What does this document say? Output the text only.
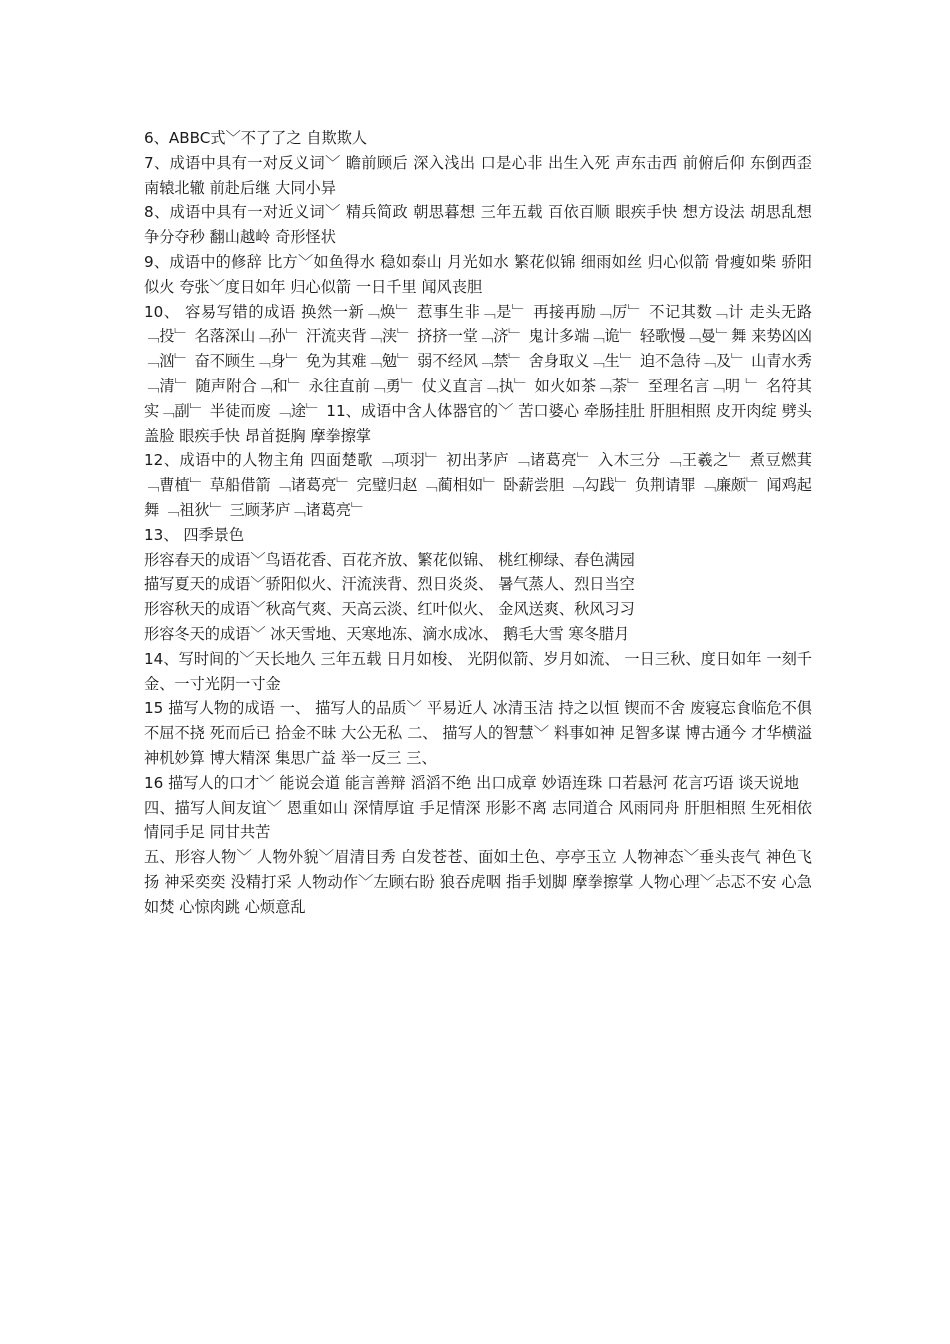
6、ABBC式﹀不了了之 自欺欺人

7、成语中具有一对反义词﹀ 瞻前顾后 深入浅出 口是心非 出生入死 声东击西 前俯后仰 东倒西歪 南辕北辙 前赴后继 大同小异

8、成语中具有一对近义词﹀ 精兵简政 朝思暮想 三年五载 百依百顺 眼疾手快 想方设法 胡思乱想 争分夺秒 翻山越岭 奇形怪状

9、成语中的修辞 比方﹀如鱼得水 稳如泰山 月光如水 繁花似锦 细雨如丝 归心似箭 骨瘦如柴 骄阳似火 夸张﹀度日如年 归心似箭 一日千里 闻风丧胆

10、 容易写错的成语 换然一新﹁焕﹂ 惹事生非﹁是﹂ 再接再励﹁厉﹂ 不记其数﹁计 走头无路﹁投﹂ 名落深山﹁孙﹂ 汗流夹背﹁浃﹂ 挤挤一堂﹁济﹂ 鬼计多端﹁诡﹂ 轻歌慢﹁曼﹂舞 来势凶凶﹁汹﹂ 奋不顾生﹁身﹂ 免为其难﹁勉﹂ 弱不经风﹁禁﹂ 舍身取义﹁生﹂ 迫不急待﹁及﹂ 山青水秀﹁清﹂ 随声附合﹁和﹂ 永往直前﹁勇﹂ 仗义直言﹁执﹂ 如火如茶﹁荼﹂ 至理名言﹁明 ﹂ 名符其实﹁副﹂ 半徒而废 ﹁途﹂ 11、成语中含人体器官的﹀ 苦口婆心 牵肠挂肚 肝胆相照 皮开肉绽 劈头盖脸 眼疾手快 昂首挺胸 摩拳擦掌

12、成语中的人物主角 四面楚歌 ﹁项羽﹂ 初出茅庐 ﹁诸葛亮﹂ 入木三分 ﹁王羲之﹂ 煮豆燃萁 ﹁曹植﹂ 草船借箭 ﹁诸葛亮﹂ 完璧归赵 ﹁蔺相如﹂ 卧薪尝胆 ﹁勾践﹂ 负荆请罪 ﹁廉颇﹂ 闻鸡起舞 ﹁祖狄﹂ 三顾茅庐﹁诸葛亮﹂

13、 四季景色

形容春天的成语﹀鸟语花香、百花齐放、繁花似锦、 桃红柳绿、春色满园

描写夏天的成语﹀骄阳似火、汗流浃背、烈日炎炎、 暑气蒸人、烈日当空

形容秋天的成语﹀秋高气爽、天高云淡、红叶似火、 金风送爽、秋风习习

形容冬天的成语﹀ 冰天雪地、天寒地冻、滴水成冰、 鹅毛大雪 寒冬腊月

14、写时间的﹀天长地久 三年五载 日月如梭、 光阴似箭、岁月如流、 一日三秋、度日如年 一刻千金、一寸光阴一寸金

15 描写人物的成语 一、 描写人的品质﹀ 平易近人 冰清玉洁 持之以恒 锲而不舍 废寝忘食临危不俱 不屈不挠 死而后已 拾金不昧 大公无私 二、 描写人的智慧﹀ 料事如神 足智多谋 博古通今 才华横溢 神机妙算 博大精深 集思广益 举一反三 三、

16 描写人的口才﹀ 能说会道 能言善辩 滔滔不绝 出口成章 妙语连珠 口若悬河 花言巧语 谈天说地

四、描写人间友谊﹀ 恩重如山 深情厚谊 手足情深 形影不离 志同道合 风雨同舟 肝胆相照 生死相依 情同手足 同甘共苦

五、形容人物﹀ 人物外貌﹀眉清目秀 白发苍苍、面如土色、亭亭玉立 人物神态﹀垂头丧气 神色飞扬 神采奕奕 没精打采 人物动作﹀左顾右盼 狼吞虎咽 指手划脚 摩拳擦掌 人物心理﹀忐忑不安 心急如焚 心惊肉跳 心烦意乱
